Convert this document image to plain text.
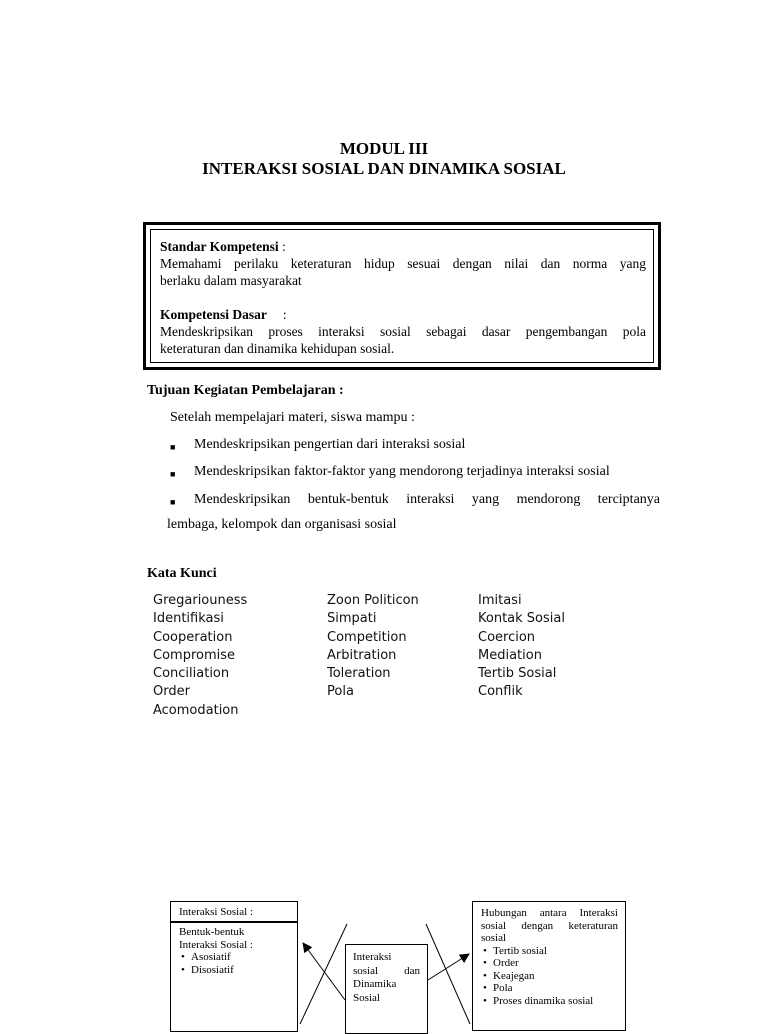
MODUL III
INTERAKSI SOSIAL DAN DINAMIKA SOSIAL
Standar Kompetensi :
Memahami perilaku keteraturan hidup sesuai dengan nilai dan norma yang
berlaku dalam masyarakat
Kompetensi Dasar :
Mendeskripsikan proses interaksi sosial sebagai dasar pengembangan pola
keteraturan dan dinamika kehidupan sosial.
Tujuan Kegiatan Pembelajaran :
Setelah mempelajari materi, siswa mampu :
■ Mendeskripsikan pengertian dari interaksi sosial
■ Mendeskripsikan faktor-faktor yang mendorong terjadinya interaksi sosial
■ Mendeskripsikan bentuk-bentuk interaksi yang mendorong terciptanya
lembaga, kelompok dan organisasi sosial
Kata Kunci
Gregariouness
Identifikasi
Cooperation
Compromise
Conciliation
Order
Acomodation
Zoon Politicon
Simpati
Competition
Arbitration
Toleration
Pola
Imitasi
Kontak Sosial
Coercion
Mediation
Tertib Sosial
Conflik
Interaksi Sosial :
Bentuk-bentuk
Interaksi Sosial :
• Asosiatif
• Disosiatif
Interaksi
sosial dan
Dinamika
Sosial
Hubungan antara Interaksi
sosial dengan keteraturan
sosial
• Tertib sosial
• Order
• Keajegan
• Pola
• Proses dinamika sosial
